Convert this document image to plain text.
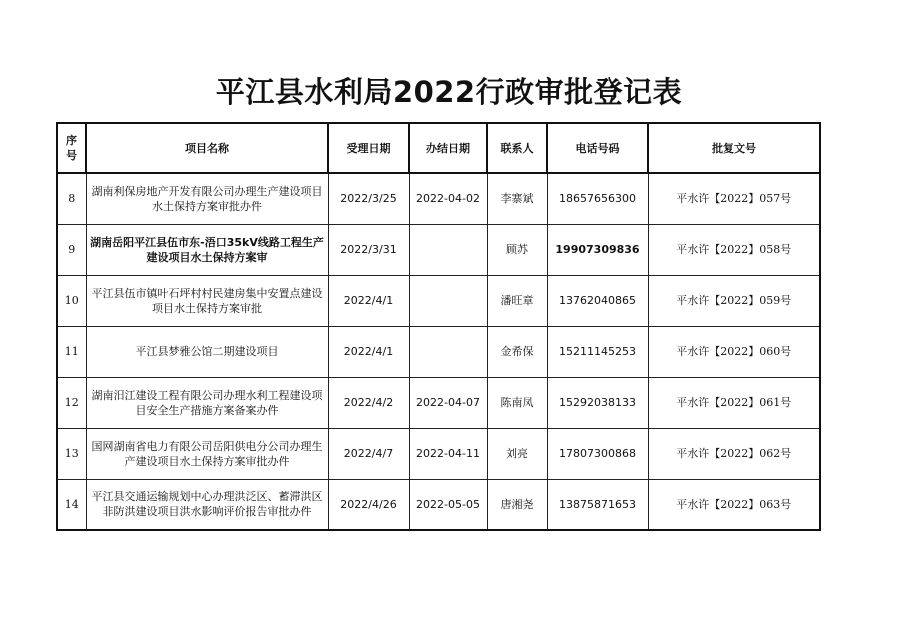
平江县水利局2022行政审批登记表
序号	项目名称	受理日期	办结日期	联系人	电话号码	批复文号
8	湖南利保房地产开发有限公司办理生产建设项目水土保持方案审批办件	2022/3/25	2022-04-02	李寨斌	18657656300	平水许【2022】057号
9	湖南岳阳平江县伍市东-浯口35kV线路工程生产建设项目水土保持方案审	2022/3/31		顾苏	19907309836	平水许【2022】058号
10	平江县伍市镇叶石坪村村民建房集中安置点建设项目水土保持方案审批	2022/4/1		潘旺章	13762040865	平水许【2022】059号
11	平江县梦雅公馆二期建设项目	2022/4/1		金希保	15211145253	平水许【2022】060号
12	湖南汨江建设工程有限公司办理水利工程建设项目安全生产措施方案备案办件	2022/4/2	2022-04-07	陈南凤	15292038133	平水许【2022】061号
13	国网湖南省电力有限公司岳阳供电分公司办理生产建设项目水土保持方案审批办件	2022/4/7	2022-04-11	刘亮	17807300868	平水许【2022】062号
14	平江县交通运输规划中心办理洪泛区、蓄滞洪区非防洪建设项目洪水影响评价报告审批办件	2022/4/26	2022-05-05	唐湘尧	13875871653	平水许【2022】063号
